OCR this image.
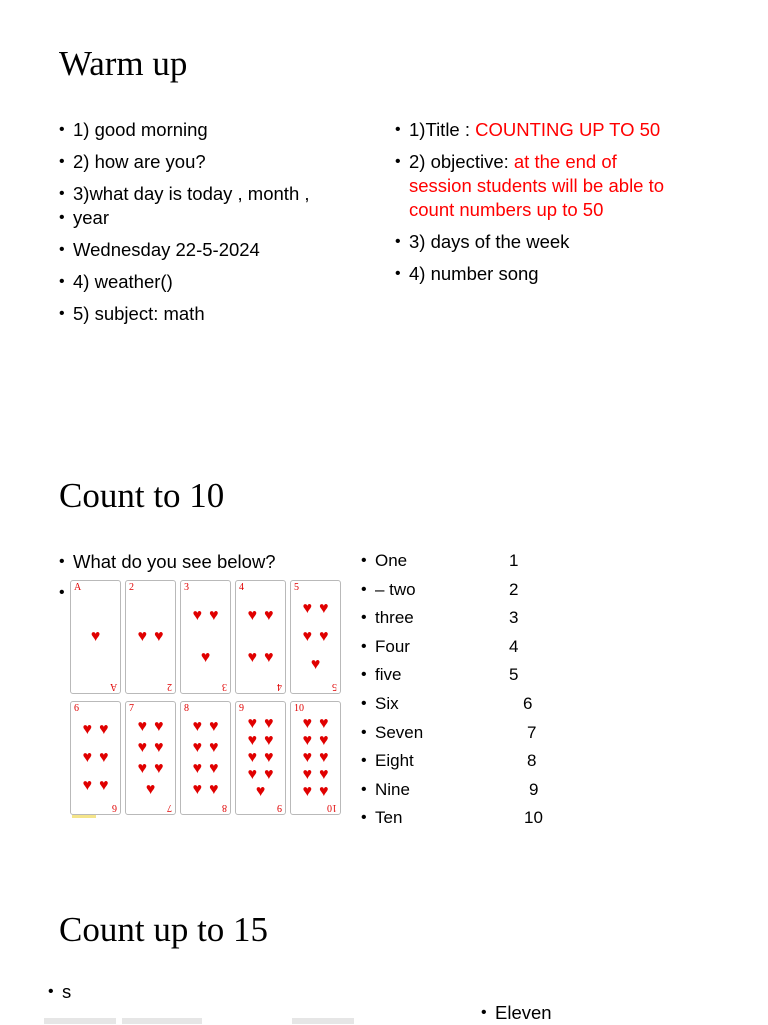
Warm up
• 1) good morning
• 2) how are you?
• 3)what day is today , month ,
• year
• Wednesday 22-5-2024
• 4) weather()
• 5) subject: math
• 1)Title : COUNTING UP TO 50
• 2) objective: at the end of
session students will be able to
count numbers up to 50
• 3) days of the week
• 4) number song
Count to 10
• What do you see below?
• A
A
♥
2
2
♥ ♥
3
3
♥ ♥
♥
4
4
♥ ♥
♥ ♥
5
5
♥ ♥
♥ ♥
♥
6
6
♥ ♥
♥ ♥
♥ ♥
7
7
♥ ♥
♥ ♥
♥ ♥
♥
8
8
♥ ♥
♥ ♥
♥ ♥
♥ ♥
9
9
♥ ♥
♥ ♥
♥ ♥
♥ ♥
♥
10
10
♥ ♥
♥ ♥
♥ ♥
♥ ♥
♥ ♥
• One	1
• – two	2
• three	3
• Four	4
• five	5
• Six	6
• Seven	7
• Eight	8
• Nine	9
• Ten	10
Count up to 15
• s
• Eleven
